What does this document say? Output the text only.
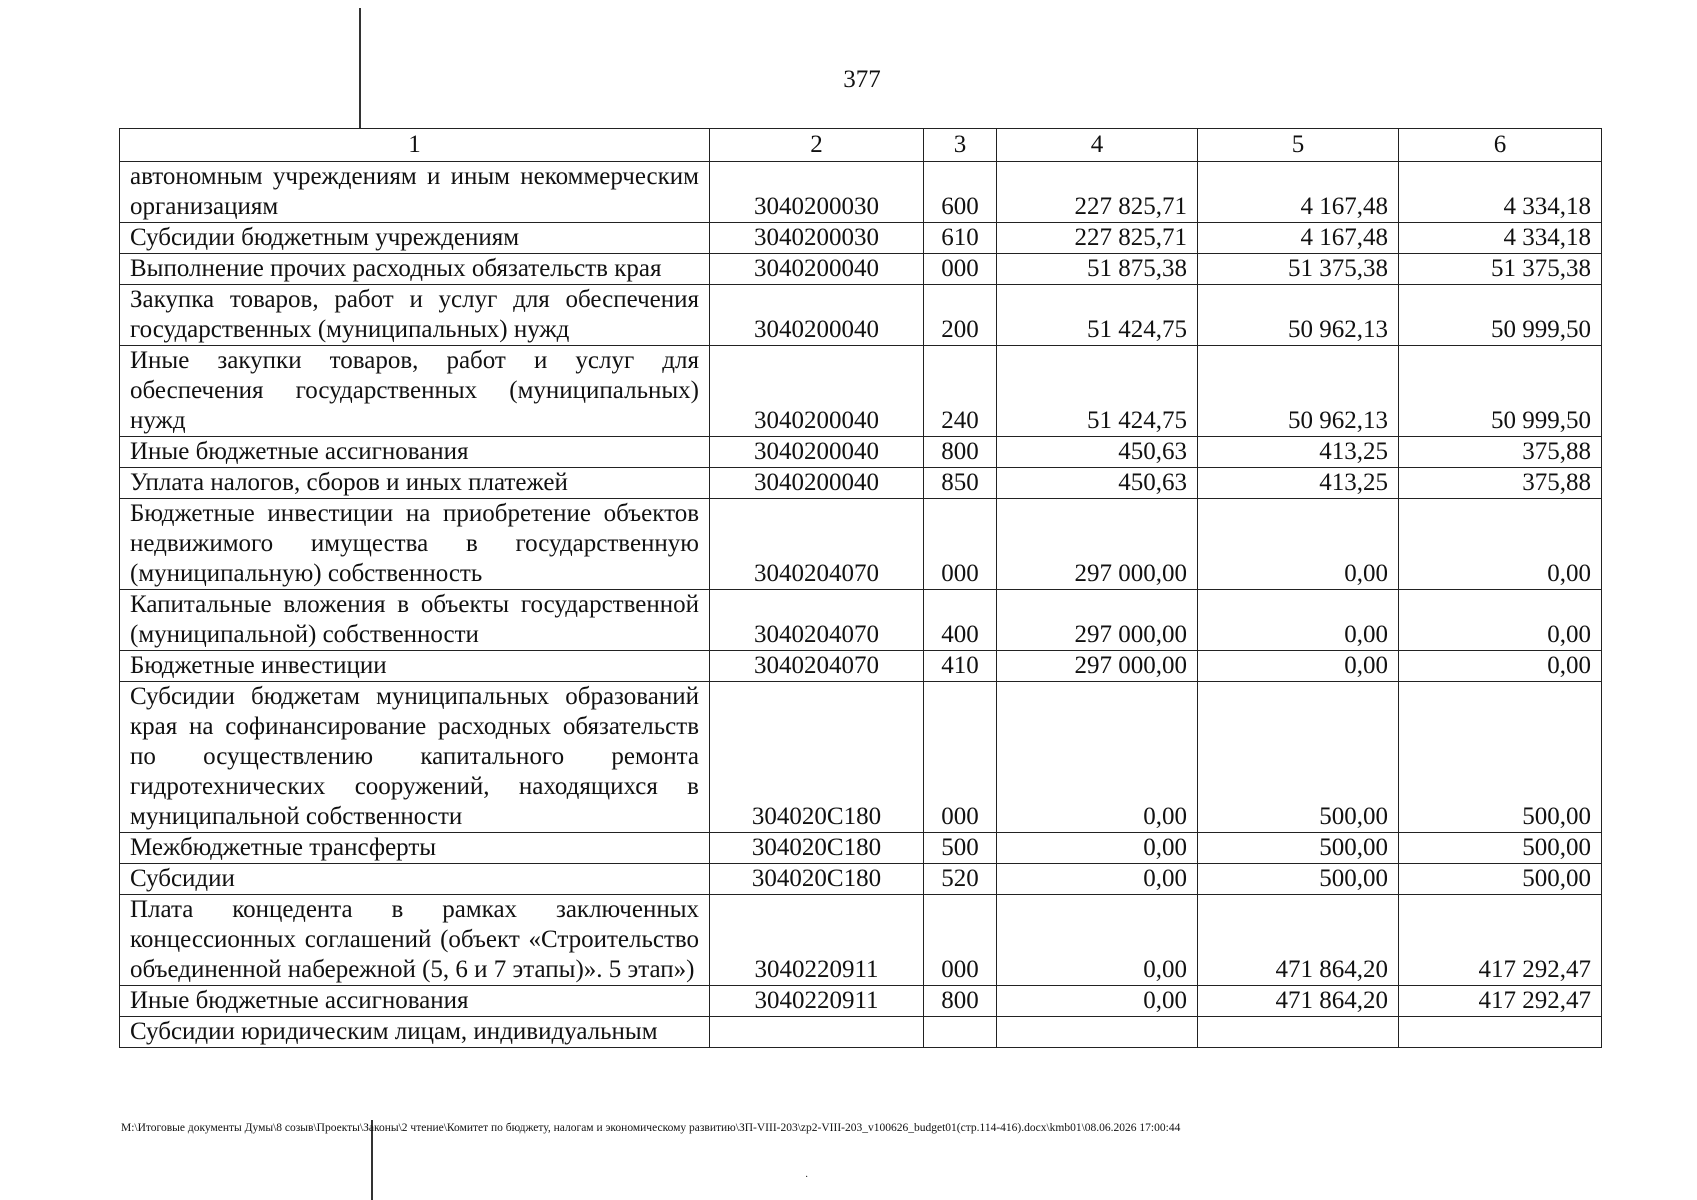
377
1	2	3	4	5	6
автономным учреждениям и иным некоммерческим организациям	3040200030	600	227 825,71	4 167,48	4 334,18
Субсидии бюджетным учреждениям	3040200030	610	227 825,71	4 167,48	4 334,18
Выполнение прочих расходных обязательств края	3040200040	000	51 875,38	51 375,38	51 375,38
Закупка товаров, работ и услуг для обеспечения государственных (муниципальных) нужд	3040200040	200	51 424,75	50 962,13	50 999,50
Иные закупки товаров, работ и услуг для обеспечения государственных (муниципальных) нужд	3040200040	240	51 424,75	50 962,13	50 999,50
Иные бюджетные ассигнования	3040200040	800	450,63	413,25	375,88
Уплата налогов, сборов и иных платежей	3040200040	850	450,63	413,25	375,88
Бюджетные инвестиции на приобретение объектов недвижимого имущества в государственную (муниципальную) собственность	3040204070	000	297 000,00	0,00	0,00
Капитальные вложения в объекты государственной (муниципальной) собственности	3040204070	400	297 000,00	0,00	0,00
Бюджетные инвестиции	3040204070	410	297 000,00	0,00	0,00
Субсидии бюджетам муниципальных образований края на софинансирование расходных обязательств по осуществлению капитального ремонта гидротехнических сооружений, находящихся в муниципальной собственности	304020С180	000	0,00	500,00	500,00
Межбюджетные трансферты	304020С180	500	0,00	500,00	500,00
Субсидии	304020С180	520	0,00	500,00	500,00
Плата концедента в рамках заключенных концессионных соглашений (объект «Строительство объединенной набережной (5, 6 и 7 этапы)». 5 этап»)	3040220911	000	0,00	471 864,20	417 292,47
Иные бюджетные ассигнования	3040220911	800	0,00	471 864,20	417 292,47
Субсидии юридическим лицам, индивидуальным					
М:\Итоговые документы Думы\8 созыв\Проекты\Законы\2 чтение\Комитет по бюджету, налогам и экономическому развитию\ЗП-VIII-203\zp2-VIII-203_v100626_budget01(стр.114-416).docx\kmb01\08.06.2026 17:00:44
·
